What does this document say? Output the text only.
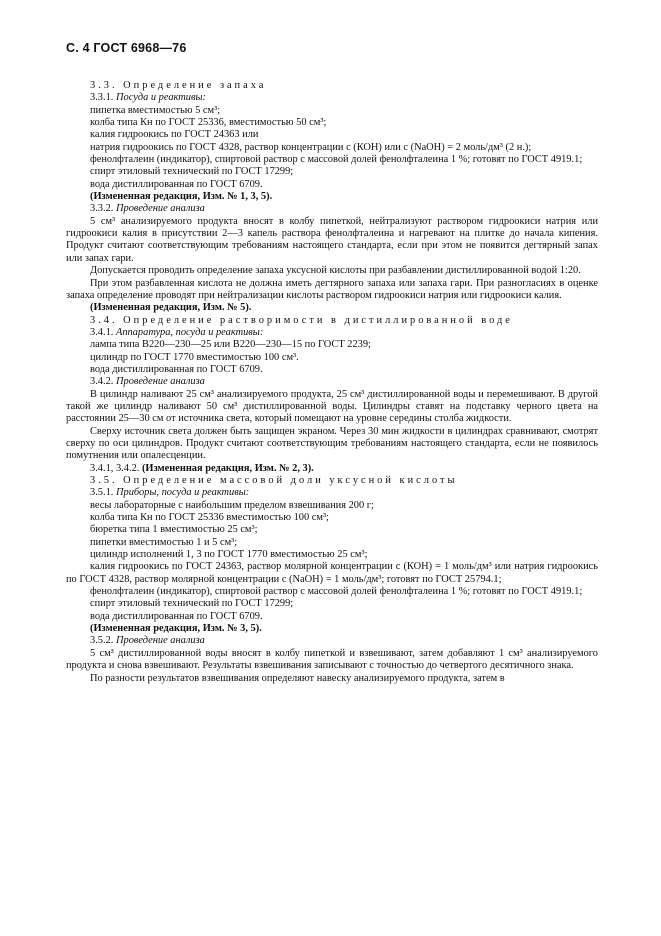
С. 4 ГОСТ 6968—76

3.3. Определение запаха

3.3.1. Посуда и реактивы:

пипетка вместимостью 5 см³;

колба типа Кн по ГОСТ 25336, вместимостью 50 см³;

калия гидроокись по ГОСТ 24363 или

натрия гидроокись по ГОСТ 4328, раствор концентрации c (КОН) или c (NaOH) = 2 моль/дм³ (2 н.);

фенолфталеин (индикатор), спиртовой раствор с массовой долей фенолфталеина 1 %; готовят по ГОСТ 4919.1;

спирт этиловый технический по ГОСТ 17299;

вода дистиллированная по ГОСТ 6709.

(Измененная редакция, Изм. № 1, 3, 5).

3.3.2. Проведение анализа

5 см³ анализируемого продукта вносят в колбу пипеткой, нейтрализуют раствором гидроокиси натрия или гидроокиси калия в присутствии 2—3 капель раствора фенолфталеина и нагревают на плитке до начала кипения. Продукт считают соответствующим требованиям настоящего стандарта, если при этом не появится дегтярный запах или запах гари.

Допускается проводить определение запаха уксусной кислоты при разбавлении дистиллированной водой 1:20.

При этом разбавленная кислота не должна иметь дегтярного запаха или запаха гари. При разногласиях в оценке запаха определение проводят при нейтрализации кислоты раствором гидроокиси натрия или гидроокиси калия.

(Измененная редакция, Изм. № 5).

3.4. Определение растворимости в дистиллированной воде

3.4.1. Аппаратура, посуда и реактивы:

лампа типа В220—230—25 или В220—230—15 по ГОСТ 2239;

цилиндр по ГОСТ 1770 вместимостью 100 см³.

вода дистиллированная по ГОСТ 6709.

3.4.2. Проведение анализа

В цилиндр наливают 25 см³ анализируемого продукта, 25 см³ дистиллированной воды и перемешивают. В другой такой же цилиндр наливают 50 см³ дистиллированной воды. Цилиндры ставят на подставку черного цвета на расстоянии 25—30 см от источника света, который помещают на уровне середины столба жидкости.

Сверху источник света должен быть защищен экраном. Через 30 мин жидкости в цилиндрах сравнивают, смотрят сверху по оси цилиндров. Продукт считают соответствующим требованиям настоящего стандарта, если не появилось помутнения или опалесценции.

3.4.1, 3.4.2. (Измененная редакция, Изм. № 2, 3).

3.5. Определение массовой доли уксусной кислоты

3.5.1. Приборы, посуда и реактивы:

весы лабораторные с наибольшим пределом взвешивания 200 г;

колба типа Кн по ГОСТ 25336 вместимостью 100 см³;

бюретка типа 1 вместимостью 25 см³;

пипетки вместимостью 1 и 5 см³;

цилиндр исполнений 1, 3 по ГОСТ 1770 вместимостью 25 см³;

калия гидроокись по ГОСТ 24363, раствор молярной концентрации c (КОН) = 1 моль/дм³ или натрия гидроокись по ГОСТ 4328, раствор молярной концентрации c (NaOH) = 1 моль/дм³; готовят по ГОСТ 25794.1;

фенолфталеин (индикатор), спиртовой раствор с массовой долей фенолфталеина 1 %; готовят по ГОСТ 4919.1;

спирт этиловый технический по ГОСТ 17299;

вода дистиллированная по ГОСТ 6709.

(Измененная редакция, Изм. № 3, 5).

3.5.2. Проведение анализа

5 см³ дистиллированной воды вносят в колбу пипеткой и взвешивают, затем добавляют 1 см³ анализируемого продукта и снова взвешивают. Результаты взвешивания записывают с точностью до четвертого десятичного знака.

По разности результатов взвешивания определяют навеску анализируемого продукта, затем в
